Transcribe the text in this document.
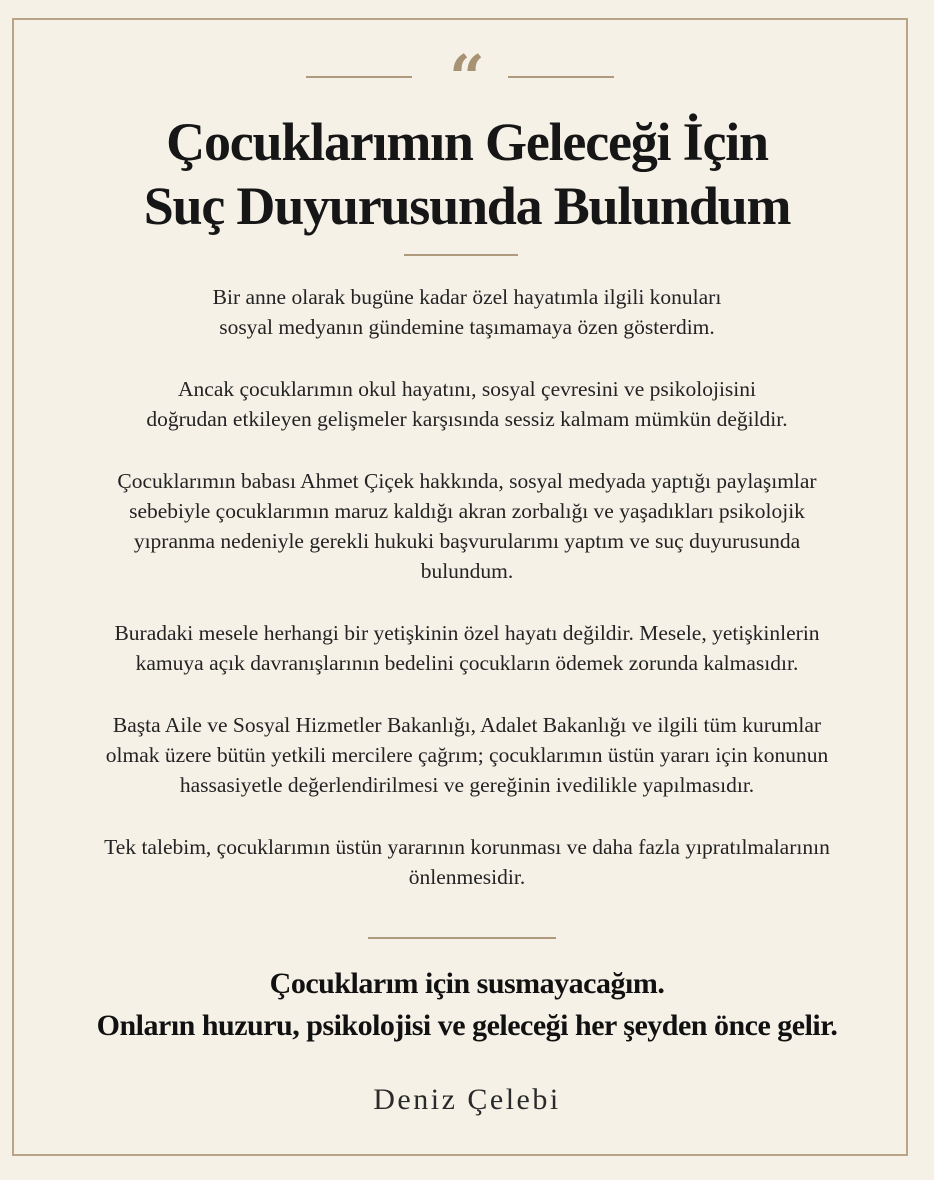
“
Çocuklarımın Geleceği İçin
Suç Duyurusunda Bulundum

Bir anne olarak bugüne kadar özel hayatımla ilgili konuları
sosyal medyanın gündemine taşımamaya özen gösterdim.

Ancak çocuklarımın okul hayatını, sosyal çevresini ve psikolojisini
doğrudan etkileyen gelişmeler karşısında sessiz kalmam mümkün değildir.

Çocuklarımın babası Ahmet Çiçek hakkında, sosyal medyada yaptığı paylaşımlar
sebebiyle çocuklarımın maruz kaldığı akran zorbalığı ve yaşadıkları psikolojik
yıpranma nedeniyle gerekli hukuki başvurularımı yaptım ve suç duyurusunda
bulundum.

Buradaki mesele herhangi bir yetişkinin özel hayatı değildir. Mesele, yetişkinlerin
kamuya açık davranışlarının bedelini çocukların ödemek zorunda kalmasıdır.

Başta Aile ve Sosyal Hizmetler Bakanlığı, Adalet Bakanlığı ve ilgili tüm kurumlar
olmak üzere bütün yetkili mercilere çağrım; çocuklarımın üstün yararı için konunun
hassasiyetle değerlendirilmesi ve gereğinin ivedilikle yapılmasıdır.

Tek talebim, çocuklarımın üstün yararının korunması ve daha fazla yıpratılmalarının
önlenmesidir.

Çocuklarım için susmayacağım.
Onların huzuru, psikolojisi ve geleceği her şeyden önce gelir.
Deniz Çelebi
